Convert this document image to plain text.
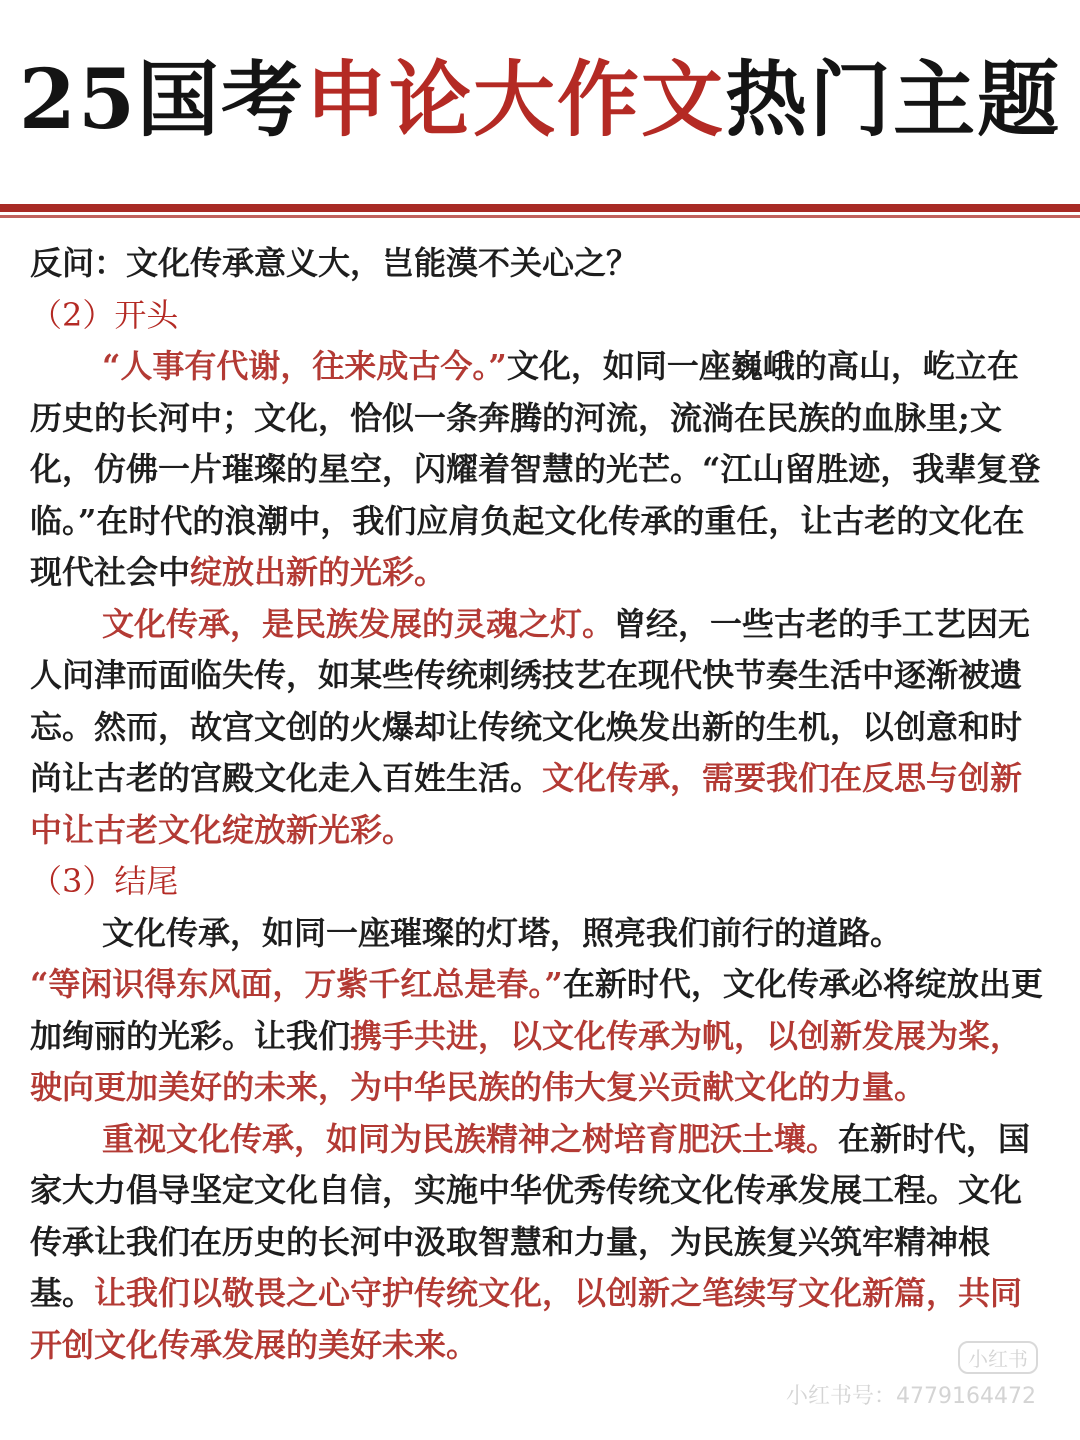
25国考申论大作文热门主题

反问：文化传承意义大，岂能漠不关心之？

（2）开头

“人事有代谢，往来成古今。”文化，如同一座巍峨的高山，屹立在历史的长河中；文化，恰似一条奔腾的河流，流淌在民族的血脉里;文化，仿佛一片璀璨的星空，闪耀着智慧的光芒。“江山留胜迹，我辈复登临。”在时代的浪潮中，我们应肩负起文化传承的重任，让古老的文化在现代社会中绽放出新的光彩。

文化传承，是民族发展的灵魂之灯。曾经，一些古老的手工艺因无人问津而面临失传，如某些传统刺绣技艺在现代快节奏生活中逐渐被遗忘。然而，故宫文创的火爆却让传统文化焕发出新的生机，以创意和时尚让古老的宫殿文化走入百姓生活。文化传承，需要我们在反思与创新中让古老文化绽放新光彩。

（3）结尾

文化传承，如同一座璀璨的灯塔，照亮我们前行的道路。

“等闲识得东风面，万紫千红总是春。”在新时代，文化传承必将绽放出更加绚丽的光彩。让我们携手共进，以文化传承为帆，以创新发展为桨，驶向更加美好的未来，为中华民族的伟大复兴贡献文化的力量。

重视文化传承，如同为民族精神之树培育肥沃土壤。在新时代，国家大力倡导坚定文化自信，实施中华优秀传统文化传承发展工程。文化传承让我们在历史的长河中汲取智慧和力量，为民族复兴筑牢精神根基。让我们以敬畏之心守护传统文化，以创新之笔续写文化新篇，共同开创文化传承发展的美好未来。	小红书
小红书号：4779164472
